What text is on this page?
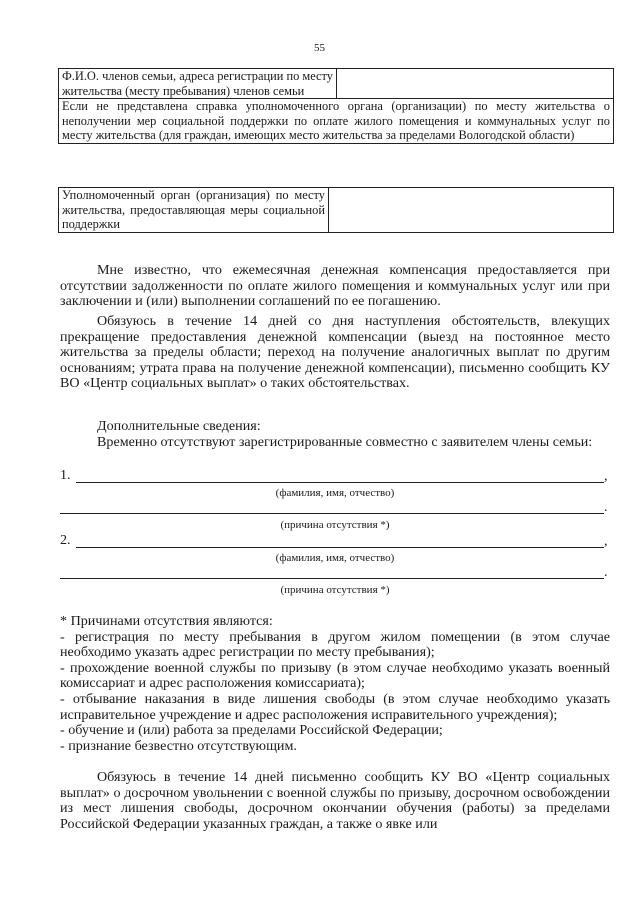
55
Ф.И.О. членов семьи, адреса регистрации по месту жительства (месту пребывания) членов семьи	
Если не представлена справка уполномоченного органа (организации) по месту жительства о неполучении мер социальной поддержки по оплате жилого помещения и коммунальных услуг по месту жительства (для граждан, имеющих место жительства за пределами Вологодской области)
Уполномоченный орган (организация) по месту жительства, предоставляющая меры социальной поддержки	
Мне известно, что ежемесячная денежная компенсация предоставляется при отсутствии задолженности по оплате жилого помещения и коммунальных услуг или при заключении и (или) выполнении соглашений по ее погашению.
Обязуюсь в течение 14 дней со дня наступления обстоятельств, влекущих прекращение предоставления денежной компенсации (выезд на постоянное место жительства за пределы области; переход на получение аналогичных выплат по другим основаниям; утрата права на получение денежной компенсации), письменно сообщить КУ ВО «Центр социальных выплат» о таких обстоятельствах.
Дополнительные сведения:
Временно отсутствуют зарегистрированные совместно с заявителем члены семьи:
1.	,
(фамилия, имя, отчество)
.
(причина отсутствия *)
2.	,
(фамилия, имя, отчество)
.
(причина отсутствия *)
* Причинами отсутствия являются:
- регистрация по месту пребывания в другом жилом помещении (в этом случае необходимо указать адрес регистрации по месту пребывания);
- прохождение военной службы по призыву (в этом случае необходимо указать военный комиссариат и адрес расположения комиссариата);
- отбывание наказания в виде лишения свободы (в этом случае необходимо указать исправительное учреждение и адрес расположения исправительного учреждения);
- обучение и (или) работа за пределами Российской Федерации;
- признание безвестно отсутствующим.
Обязуюсь в течение 14 дней письменно сообщить КУ ВО «Центр социальных выплат» о досрочном увольнении с военной службы по призыву, досрочном освобождении из мест лишения свободы, досрочном окончании обучения (работы) за пределами Российской Федерации указанных граждан, а также о явке или
